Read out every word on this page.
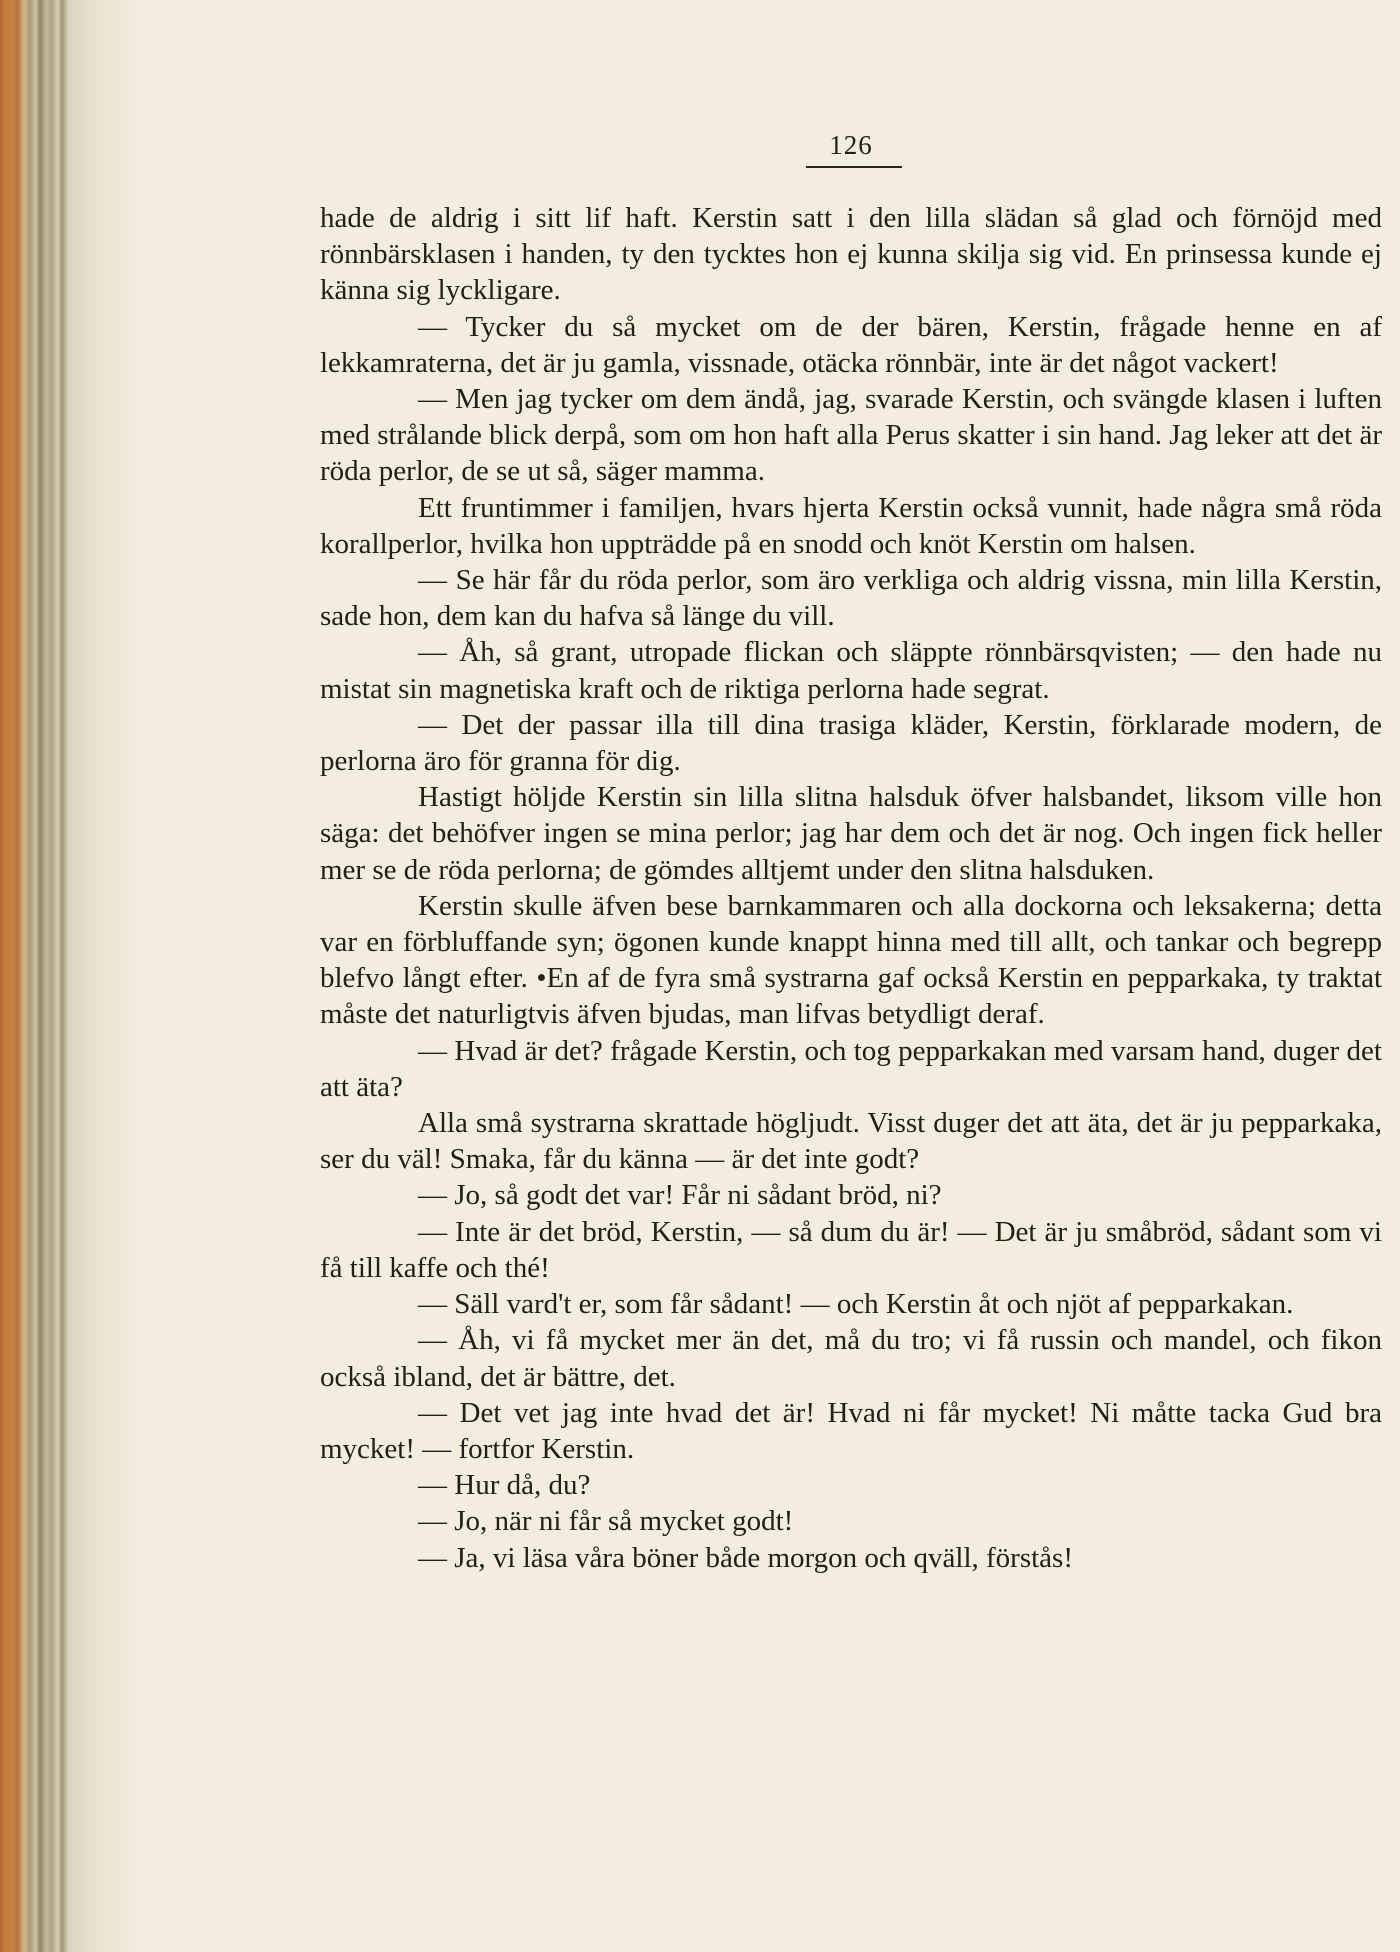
126

hade de aldrig i sitt lif haft. Kerstin satt i den lilla slädan så glad och förnöjd med rönnbärsklasen i handen, ty den tycktes hon ej kunna skilja sig vid. En prinsessa kunde ej känna sig lyckligare.

— Tycker du så mycket om de der bären, Kerstin, frågade henne en af lekkamraterna, det är ju gamla, vissnade, otäcka rönnbär, inte är det något vackert!

— Men jag tycker om dem ändå, jag, svarade Kerstin, och svängde klasen i luften med strålande blick derpå, som om hon haft alla Perus skatter i sin hand. Jag leker att det är röda perlor, de se ut så, säger mamma.

Ett fruntimmer i familjen, hvars hjerta Kerstin också vunnit, hade några små röda korallperlor, hvilka hon uppträdde på en snodd och knöt Kerstin om halsen.

— Se här får du röda perlor, som äro verkliga och aldrig vissna, min lilla Kerstin, sade hon, dem kan du hafva så länge du vill.

— Åh, så grant, utropade flickan och släppte rönnbärsqvisten; — den hade nu mistat sin magnetiska kraft och de riktiga perlorna hade segrat.

— Det der passar illa till dina trasiga kläder, Kerstin, förklarade modern, de perlorna äro för granna för dig.

Hastigt höljde Kerstin sin lilla slitna halsduk öfver halsbandet, liksom ville hon säga: det behöfver ingen se mina perlor; jag har dem och det är nog. Och ingen fick heller mer se de röda perlorna; de gömdes alltjemt under den slitna halsduken.

Kerstin skulle äfven bese barnkammaren och alla dockorna och leksakerna; detta var en förbluffande syn; ögonen kunde knappt hinna med till allt, och tankar och begrepp blefvo långt efter. •En af de fyra små systrarna gaf också Kerstin en pepparkaka, ty traktat måste det naturligtvis äfven bjudas, man lifvas betydligt deraf.

— Hvad är det? frågade Kerstin, och tog pepparkakan med varsam hand, duger det att äta?

Alla små systrarna skrattade högljudt. Visst duger det att äta, det är ju pepparkaka, ser du väl! Smaka, får du känna — är det inte godt?

— Jo, så godt det var! Får ni sådant bröd, ni?

— Inte är det bröd, Kerstin, — så dum du är! — Det är ju småbröd, sådant som vi få till kaffe och thé!

— Säll vard't er, som får sådant! — och Kerstin åt och njöt af pepparkakan.

— Åh, vi få mycket mer än det, må du tro; vi få russin och mandel, och fikon också ibland, det är bättre, det.

— Det vet jag inte hvad det är! Hvad ni får mycket! Ni måtte tacka Gud bra mycket! — fortfor Kerstin.

— Hur då, du?

— Jo, när ni får så mycket godt!

— Ja, vi läsa våra böner både morgon och qväll, förstås!
